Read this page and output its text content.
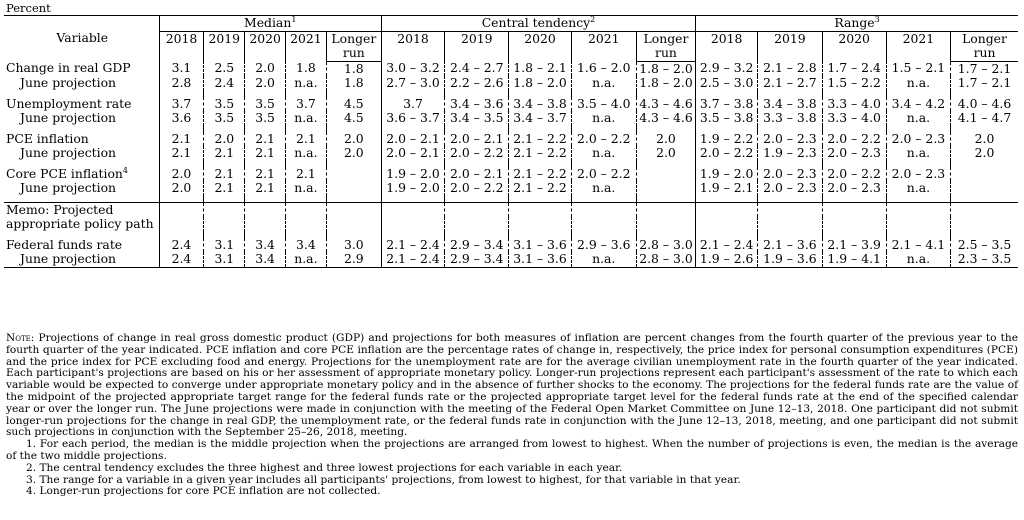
Percent
Variable	Median$^1$					Central tendency$^2$					Range$^3$
	2018	2019	2020	2021	Longer	2018	2019	2020	2021	Longer	2018	2019	2020	2021	Longer
					run					run					run
Change in real GDP	3.1	2.5	2.0	1.8	1.8	3.0 – 3.2	2.4 – 2.7	1.8 – 2.1	1.6 – 2.0	1.8 – 2.0	2.9 – 3.2	2.1 – 2.8	1.7 – 2.4	1.5 – 2.1	1.7 – 2.1
June projection	2.8	2.4	2.0	n.a.	1.8	2.7 – 3.0	2.2 – 2.6	1.8 – 2.0	n.a.	1.8 – 2.0	2.5 – 3.0	2.1 – 2.7	1.5 – 2.2	n.a.	1.7 – 2.1

Unemployment rate	3.7	3.5	3.5	3.7	4.5	3.7	3.4 – 3.6	3.4 – 3.8	3.5 – 4.0	4.3 – 4.6	3.7 – 3.8	3.4 – 3.8	3.3 – 4.0	3.4 – 4.2	4.0 – 4.6
June projection	3.6	3.5	3.5	n.a.	4.5	3.6 – 3.7	3.4 – 3.5	3.4 – 3.7	n.a.	4.3 – 4.6	3.5 – 3.8	3.3 – 3.8	3.3 – 4.0	n.a.	4.1 – 4.7

PCE inflation	2.1	2.0	2.1	2.1	2.0	2.0 – 2.1	2.0 – 2.1	2.1 – 2.2	2.0 – 2.2	2.0	1.9 – 2.2	2.0 – 2.3	2.0 – 2.2	2.0 – 2.3	2.0
June projection	2.1	2.1	2.1	n.a.	2.0	2.0 – 2.1	2.0 – 2.2	2.1 – 2.2	n.a.	2.0	2.0 – 2.2	1.9 – 2.3	2.0 – 2.3	n.a.	2.0

Core PCE inflation$^4$	2.0	2.1	2.1	2.1		1.9 – 2.0	2.0 – 2.1	2.1 – 2.2	2.0 – 2.2		1.9 – 2.0	2.0 – 2.3	2.0 – 2.2	2.0 – 2.3	
June projection	2.0	2.1	2.1	n.a.		1.9 – 2.0	2.0 – 2.2	2.1 – 2.2	n.a.		1.9 – 2.1	2.0 – 2.3	2.0 – 2.3	n.a.	

Memo: Projected															
appropriate policy path															

Federal funds rate	2.4	3.1	3.4	3.4	3.0	2.1 – 2.4	2.9 – 3.4	3.1 – 3.6	2.9 – 3.6	2.8 – 3.0	2.1 – 2.4	2.1 – 3.6	2.1 – 3.9	2.1 – 4.1	2.5 – 3.5
June projection	2.4	3.1	3.4	n.a.	2.9	2.1 – 2.4	2.9 – 3.4	3.1 – 3.6	n.a.	2.8 – 3.0	1.9 – 2.6	1.9 – 3.6	1.9 – 4.1	n.a.	2.3 – 3.5

Note: Projections of change in real gross domestic product (GDP) and projections for both measures of inflation are percent changes from the fourth quarter of the previous year to the fourth quarter of the year indicated. PCE inflation and core PCE inflation are the percentage rates of change in, respectively, the price index for personal consumption expenditures (PCE) and the price index for PCE excluding food and energy. Projections for the unemployment rate are for the average civilian unemployment rate in the fourth quarter of the year indicated. Each participant's projections are based on his or her assessment of appropriate monetary policy. Longer-run projections represent each participant's assessment of the rate to which each variable would be expected to converge under appropriate monetary policy and in the absence of further shocks to the economy. The projections for the federal funds rate are the value of the midpoint of the projected appropriate target range for the federal funds rate or the projected appropriate target level for the federal funds rate at the end of the specified calendar year or over the longer run. The June projections were made in conjunction with the meeting of the Federal Open Market Committee on June 12–13, 2018. One participant did not submit longer-run projections for the change in real GDP, the unemployment rate, or the federal funds rate in conjunction with the June 12–13, 2018, meeting, and one participant did not submit such projections in conjunction with the September 25–26, 2018, meeting.

1. For each period, the median is the middle projection when the projections are arranged from lowest to highest. When the number of projections is even, the median is the average of the two middle projections.

2. The central tendency excludes the three highest and three lowest projections for each variable in each year.

3. The range for a variable in a given year includes all participants' projections, from lowest to highest, for that variable in that year.

4. Longer-run projections for core PCE inflation are not collected.
